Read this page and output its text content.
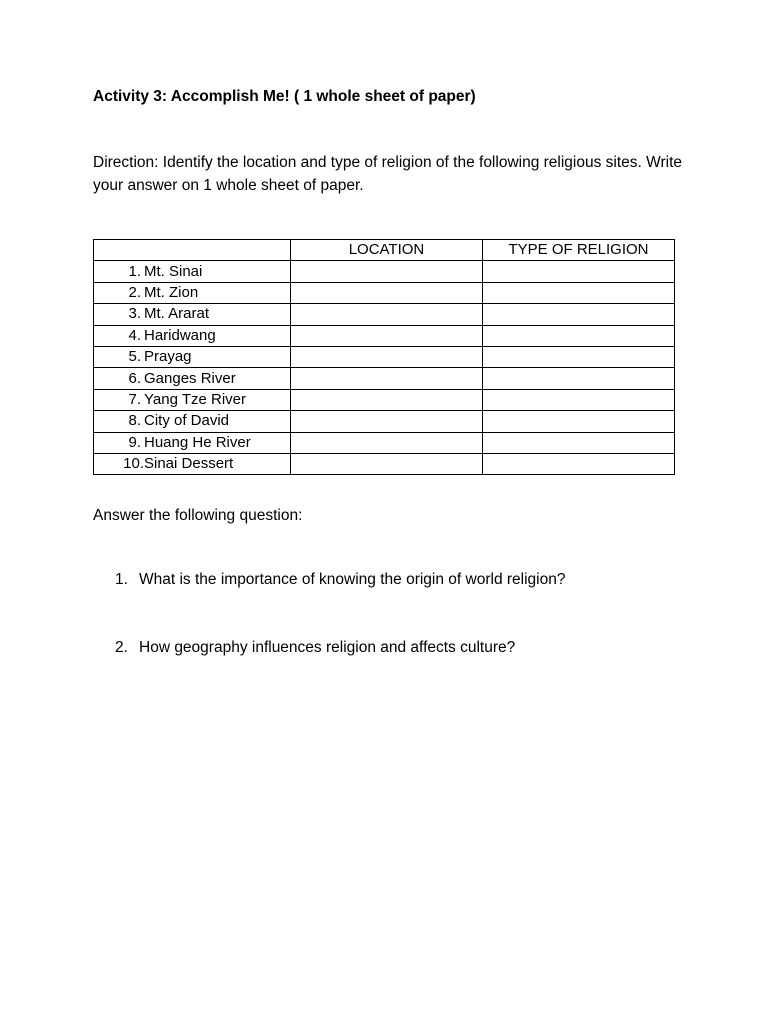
Activity 3: Accomplish Me! ( 1 whole sheet of paper)
Direction: Identify the location and type of religion of the following religious sites. Write your answer on 1 whole sheet of paper.
	LOCATION	TYPE OF RELIGION
1. Mt. Sinai		
2. Mt. Zion		
3. Mt. Ararat		
4. Haridwang		
5. Prayag		
6. Ganges River		
7. Yang Tze River		
8. City of David		
9. Huang He River		
10.Sinai Dessert		
Answer the following question:
1. What is the importance of knowing the origin of world religion?
2. How geography influences religion and affects culture?
